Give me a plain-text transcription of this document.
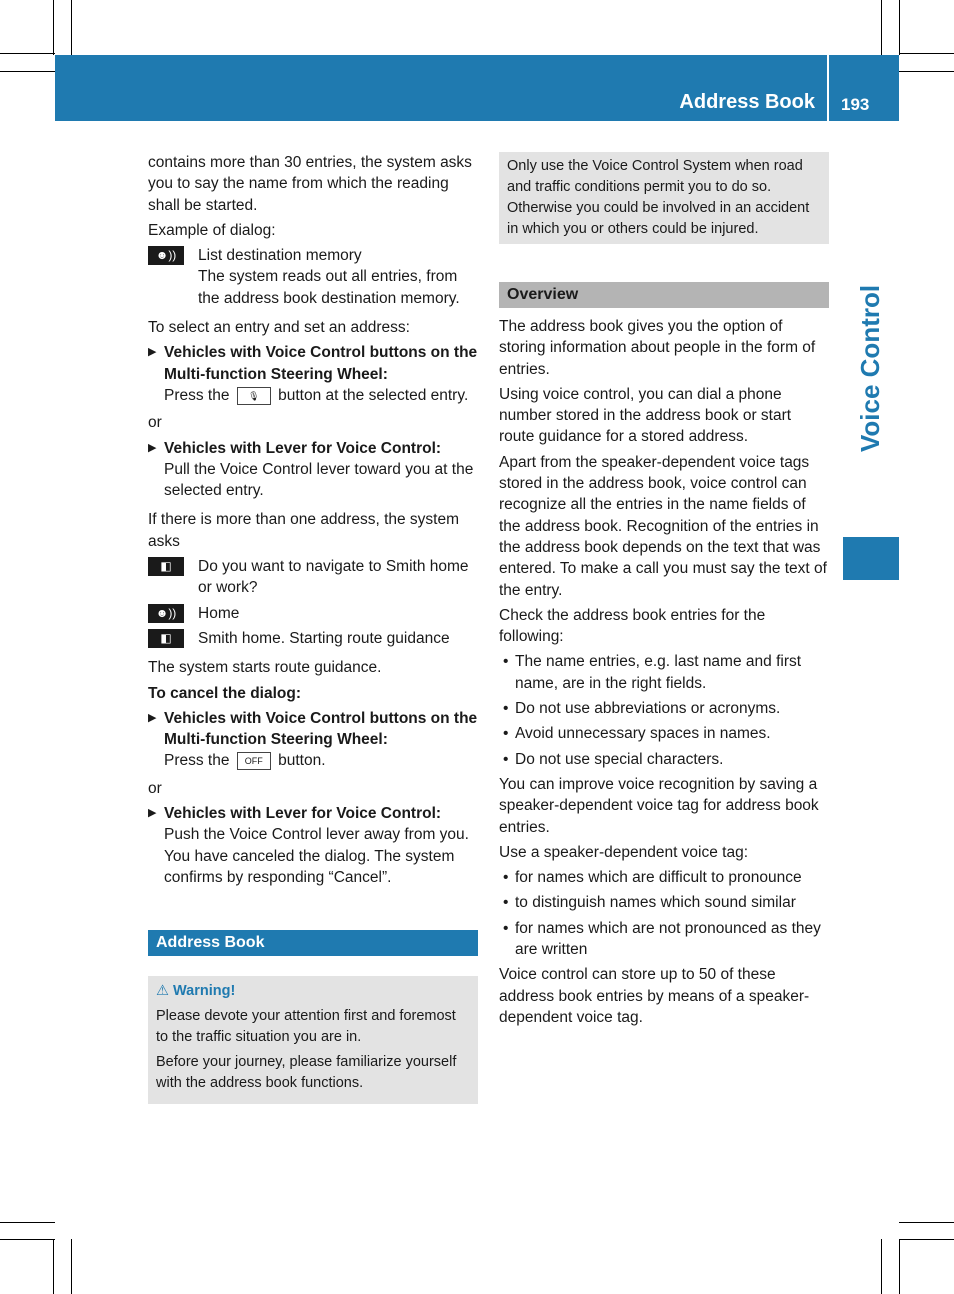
Address Book 193
Voice Control

contains more than 30 entries, the system asks you to say the name from which the reading shall be started.

Example of dialog:

☻))	List destination memory
The system reads out all entries, from the address book destination memory.

To select an entry and set an address:

▶ Vehicles with Voice Control buttons on the Multi-function Steering Wheel:
Press the 🎙 button at the selected entry.
or
▶ Vehicles with Lever for Voice Control:
Pull the Voice Control lever toward you at the selected entry.

If there is more than one address, the system asks

◧	Do you want to navigate to Smith home or work?
☻))	Home
◧	Smith home. Starting route guidance

The system starts route guidance.

To cancel the dialog:

▶ Vehicles with Voice Control buttons on the Multi-function Steering Wheel:
Press the OFF button.
or
▶ Vehicles with Lever for Voice Control:
Push the Voice Control lever away from you.
You have canceled the dialog. The system confirms by responding “Cancel”.
Address Book
⚠ Warning!

Please devote your attention first and foremost to the traffic situation you are in.

Before your journey, please familiarize yourself with the address book functions.

Only use the Voice Control System when road and traffic conditions permit you to do so. Otherwise you could be involved in an accident in which you or others could be injured.
Overview

The address book gives you the option of storing information about people in the form of entries.

Using voice control, you can dial a phone number stored in the address book or start route guidance for a stored address.

Apart from the speaker-dependent voice tags stored in the address book, voice control can recognize all the entries in the name fields of the address book. Recognition of the entries in the address book depends on the text that was entered. To make a call you must say the text of the entry.

Check the address book entries for the following:

• The name entries, e.g. last name and first name, are in the right fields.
• Do not use abbreviations or acronyms.
• Avoid unnecessary spaces in names.
• Do not use special characters.

You can improve voice recognition by saving a speaker-dependent voice tag for address book entries.

Use a speaker-dependent voice tag:

• for names which are difficult to pronounce
• to distinguish names which sound similar
• for names which are not pronounced as they are written

Voice control can store up to 50 of these address book entries by means of a speaker-dependent voice tag.
